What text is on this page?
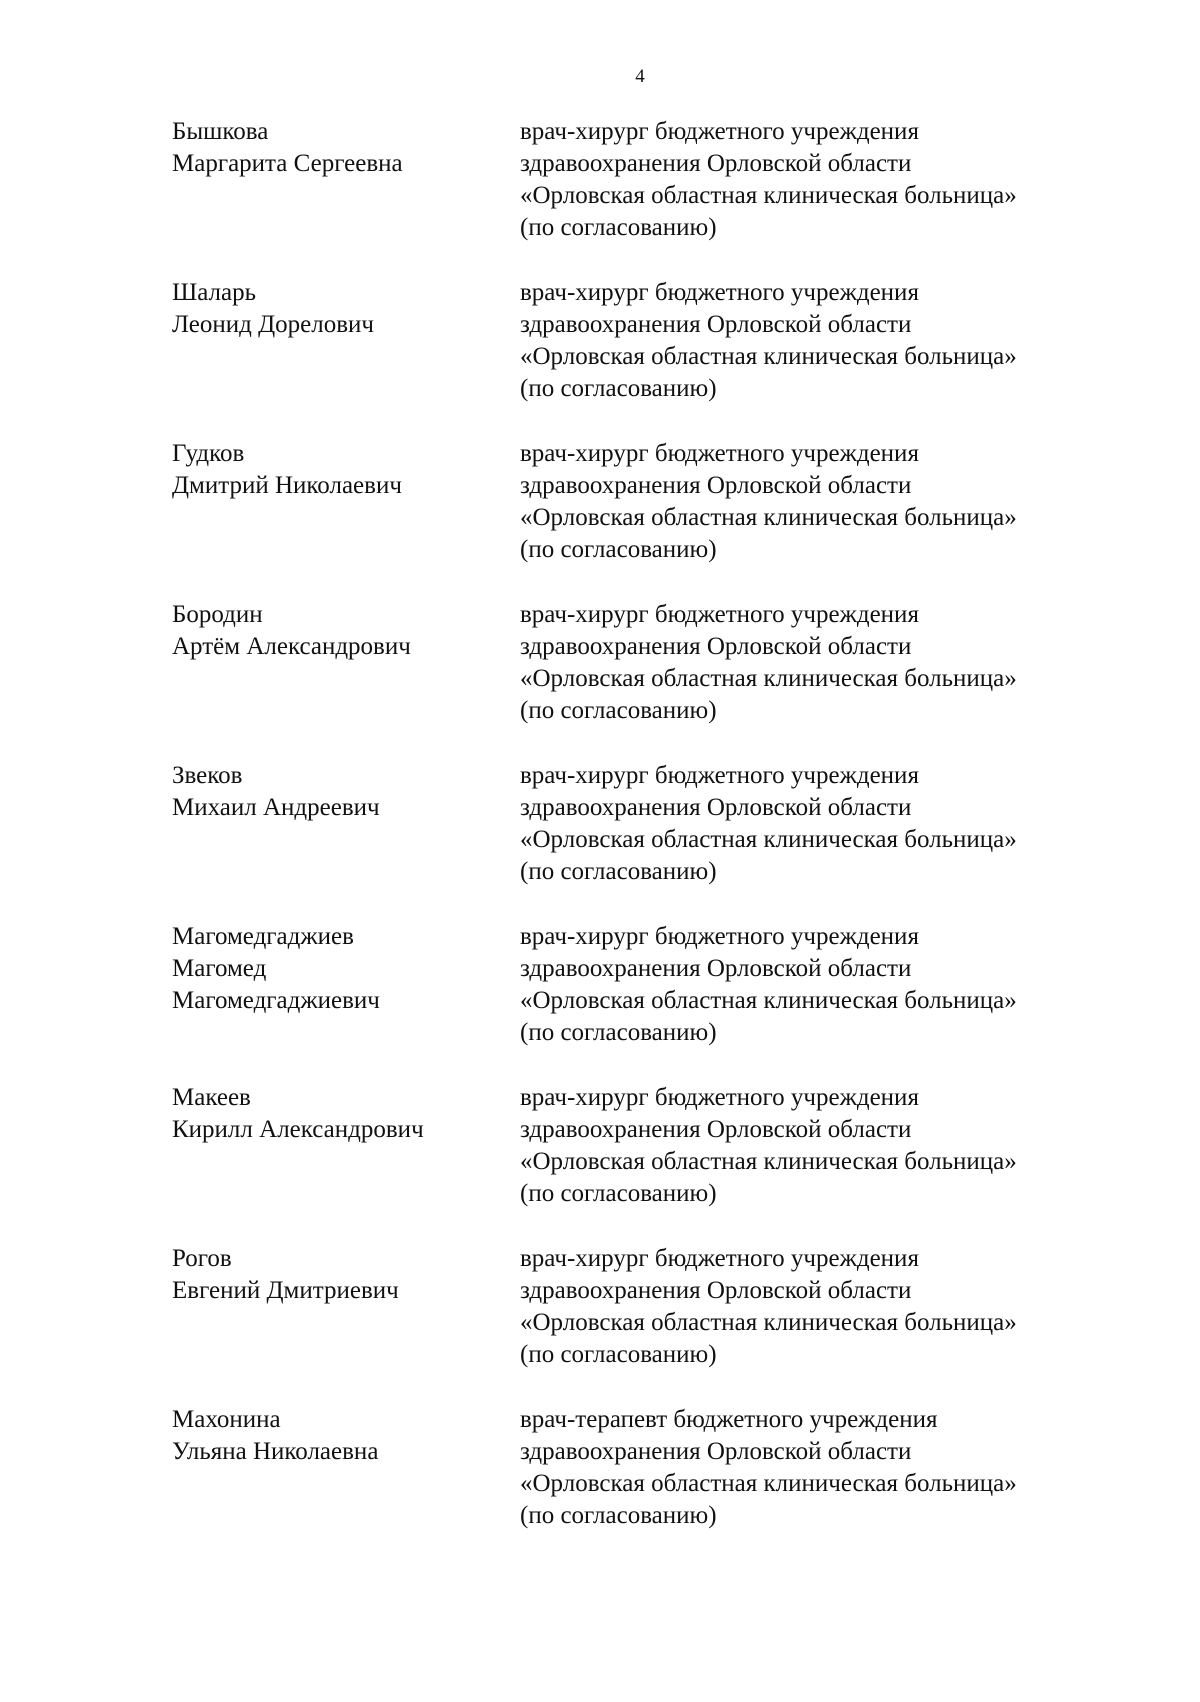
4
Бышкова
Маргарита Сергеевна
врач-хирург бюджетного учреждения
здравоохранения Орловской области
«Орловская областная клиническая больница»
(по согласованию)
Шаларь
Леонид Дорелович
врач-хирург бюджетного учреждения
здравоохранения Орловской области
«Орловская областная клиническая больница»
(по согласованию)
Гудков
Дмитрий Николаевич
врач-хирург бюджетного учреждения
здравоохранения Орловской области
«Орловская областная клиническая больница»
(по согласованию)
Бородин
Артём Александрович
врач-хирург бюджетного учреждения
здравоохранения Орловской области
«Орловская областная клиническая больница»
(по согласованию)
Звеков
Михаил Андреевич
врач-хирург бюджетного учреждения
здравоохранения Орловской области
«Орловская областная клиническая больница»
(по согласованию)
Магомедгаджиев
Магомед
Магомедгаджиевич
врач-хирург бюджетного учреждения
здравоохранения Орловской области
«Орловская областная клиническая больница»
(по согласованию)
Макеев
Кирилл Александрович
врач-хирург бюджетного учреждения
здравоохранения Орловской области
«Орловская областная клиническая больница»
(по согласованию)
Рогов
Евгений Дмитриевич
врач-хирург бюджетного учреждения
здравоохранения Орловской области
«Орловская областная клиническая больница»
(по согласованию)
Махонина
Ульяна Николаевна
врач-терапевт бюджетного учреждения
здравоохранения Орловской области
«Орловская областная клиническая больница»
(по согласованию)
